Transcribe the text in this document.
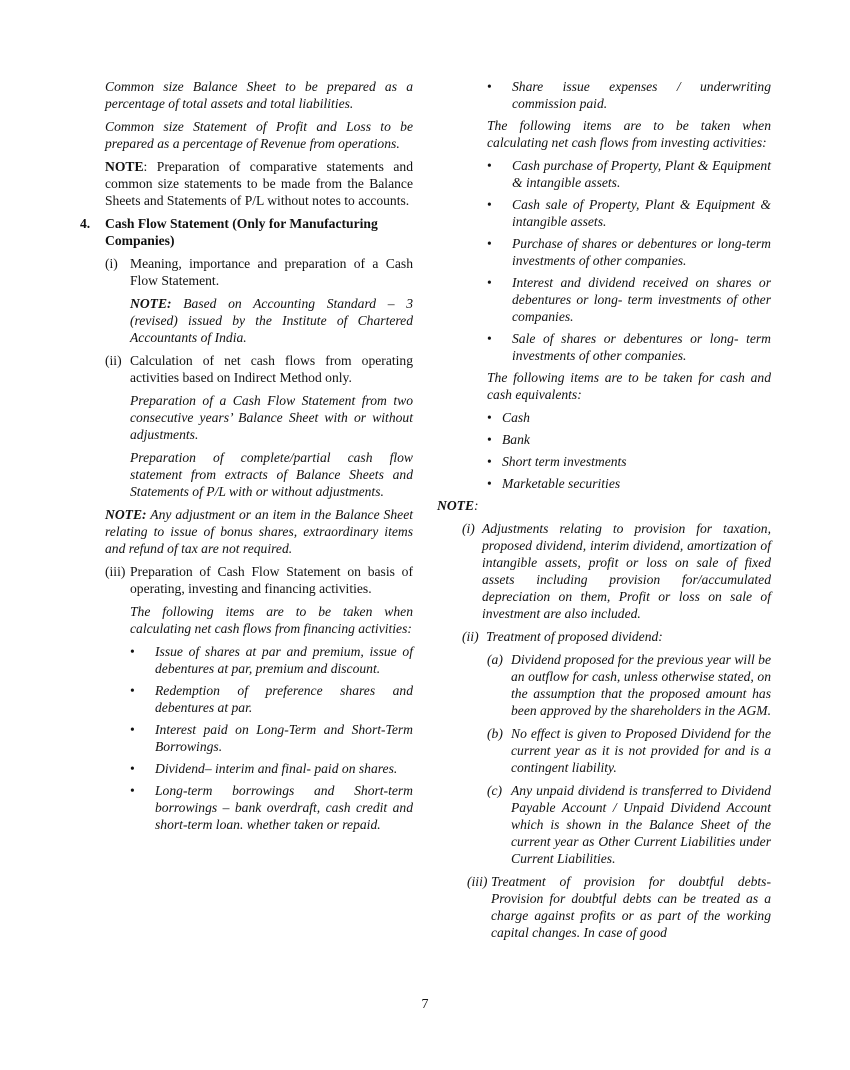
Common size Balance Sheet to be prepared as a percentage of total assets and total liabilities.

Common size Statement of Profit and Loss to be prepared as a percentage of Revenue from operations.

NOTE: Preparation of comparative statements and common size statements to be made from the Balance Sheets and Statements of P/L without notes to accounts.

4.	Cash Flow Statement (Only for Manufacturing Companies)
(i) Meaning, importance and preparation of a Cash Flow Statement.

NOTE: Based on Accounting Standard – 3 (revised) issued by the Institute of Chartered Accountants of India.

(ii) Calculation of net cash flows from operating activities based on Indirect Method only.

Preparation of a Cash Flow Statement from two consecutive years’ Balance Sheet with or without adjustments.

Preparation of complete/partial cash flow statement from extracts of Balance Sheets and Statements of P/L with or without adjustments.

NOTE: Any adjustment or an item in the Balance Sheet relating to issue of bonus shares, extraordinary items and refund of tax are not required.

(iii) Preparation of Cash Flow Statement on basis of operating, investing and financing activities.

The following items are to be taken when calculating net cash flows from financing activities:

•	Issue of shares at par and premium, issue of debentures at par, premium and discount.
•	Redemption of preference shares and debentures at par.
•	Interest paid on Long-Term and Short-Term Borrowings.
•	Dividend– interim and final- paid on shares.
•	Long-term borrowings and Short-term borrowings – bank overdraft, cash credit and short-term loan. whether taken or repaid.
•	Share issue expenses / underwriting commission paid.

The following items are to be taken when calculating net cash flows from investing activities:

•	Cash purchase of Property, Plant & Equipment & intangible assets.
•	Cash sale of Property, Plant & Equipment & intangible assets.
•	Purchase of shares or debentures or long-term investments of other companies.
•	Interest and dividend received on shares or debentures or long- term investments of other companies.
•	Sale of shares or debentures or long- term investments of other companies.

The following items are to be taken for cash and cash equivalents:

• Cash
• Bank
• Short term investments
• Marketable securities

NOTE:

(i) Adjustments relating to provision for taxation, proposed dividend, interim dividend, amortization of intangible assets, profit or loss on sale of fixed assets including provision for/accumulated depreciation on them, Profit or loss on sale of investment are also included.
(ii) Treatment of proposed dividend:
(a) Dividend proposed for the previous year will be an outflow for cash, unless otherwise stated, on the assumption that the proposed amount has been approved by the shareholders in the AGM.
(b) No effect is given to Proposed Dividend for the current year as it is not provided for and is a contingent liability.
(c) Any unpaid dividend is transferred to Dividend Payable Account / Unpaid Dividend Account which is shown in the Balance Sheet of the current year as Other Current Liabilities under Current Liabilities.
(iii) Treatment of provision for doubtful debts- Provision for doubtful debts can be treated as a charge against profits or as part of the working capital changes. In case of good
7
